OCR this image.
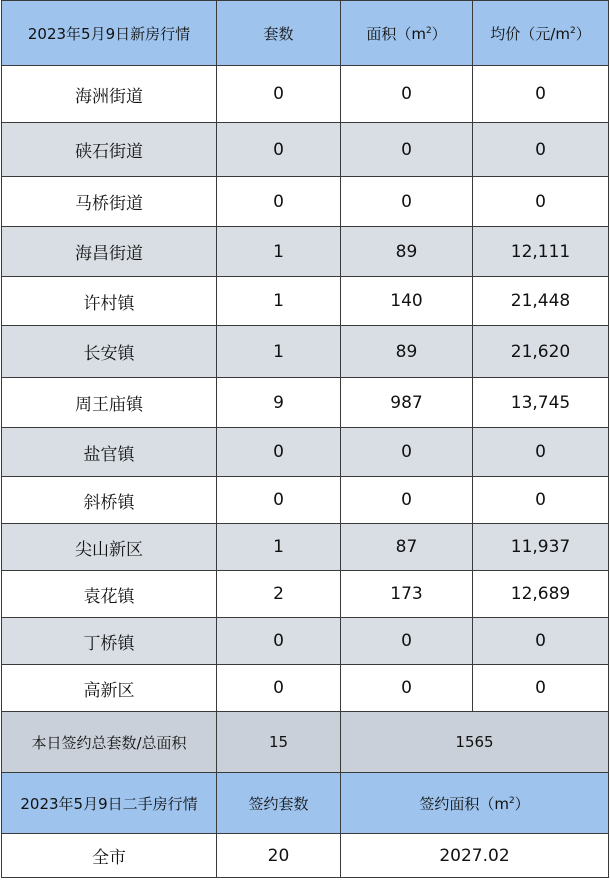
2023年5月9日新房行情	套数	面积$(m^2)$	均价（元$/m^2$）
海洲街道	0	0	0
硖石街道	0	0	0
马桥街道	0	0	0
海昌街道	1	89	12,111
许村镇	1	140	21,448
长安镇	1	89	21,620
周王庙镇	9	987	13,745
盐官镇	0	0	0
斜桥镇	0	0	0
尖山新区	1	87	11,937
袁花镇	2	173	12,689
丁桥镇	0	0	0
高新区	0	0	0
本日签约总套数/总面积	15	1565	
2023年5月9日二手房行情	签约套数	签约面积$(m^2)$	
全市	20	2027.02	
